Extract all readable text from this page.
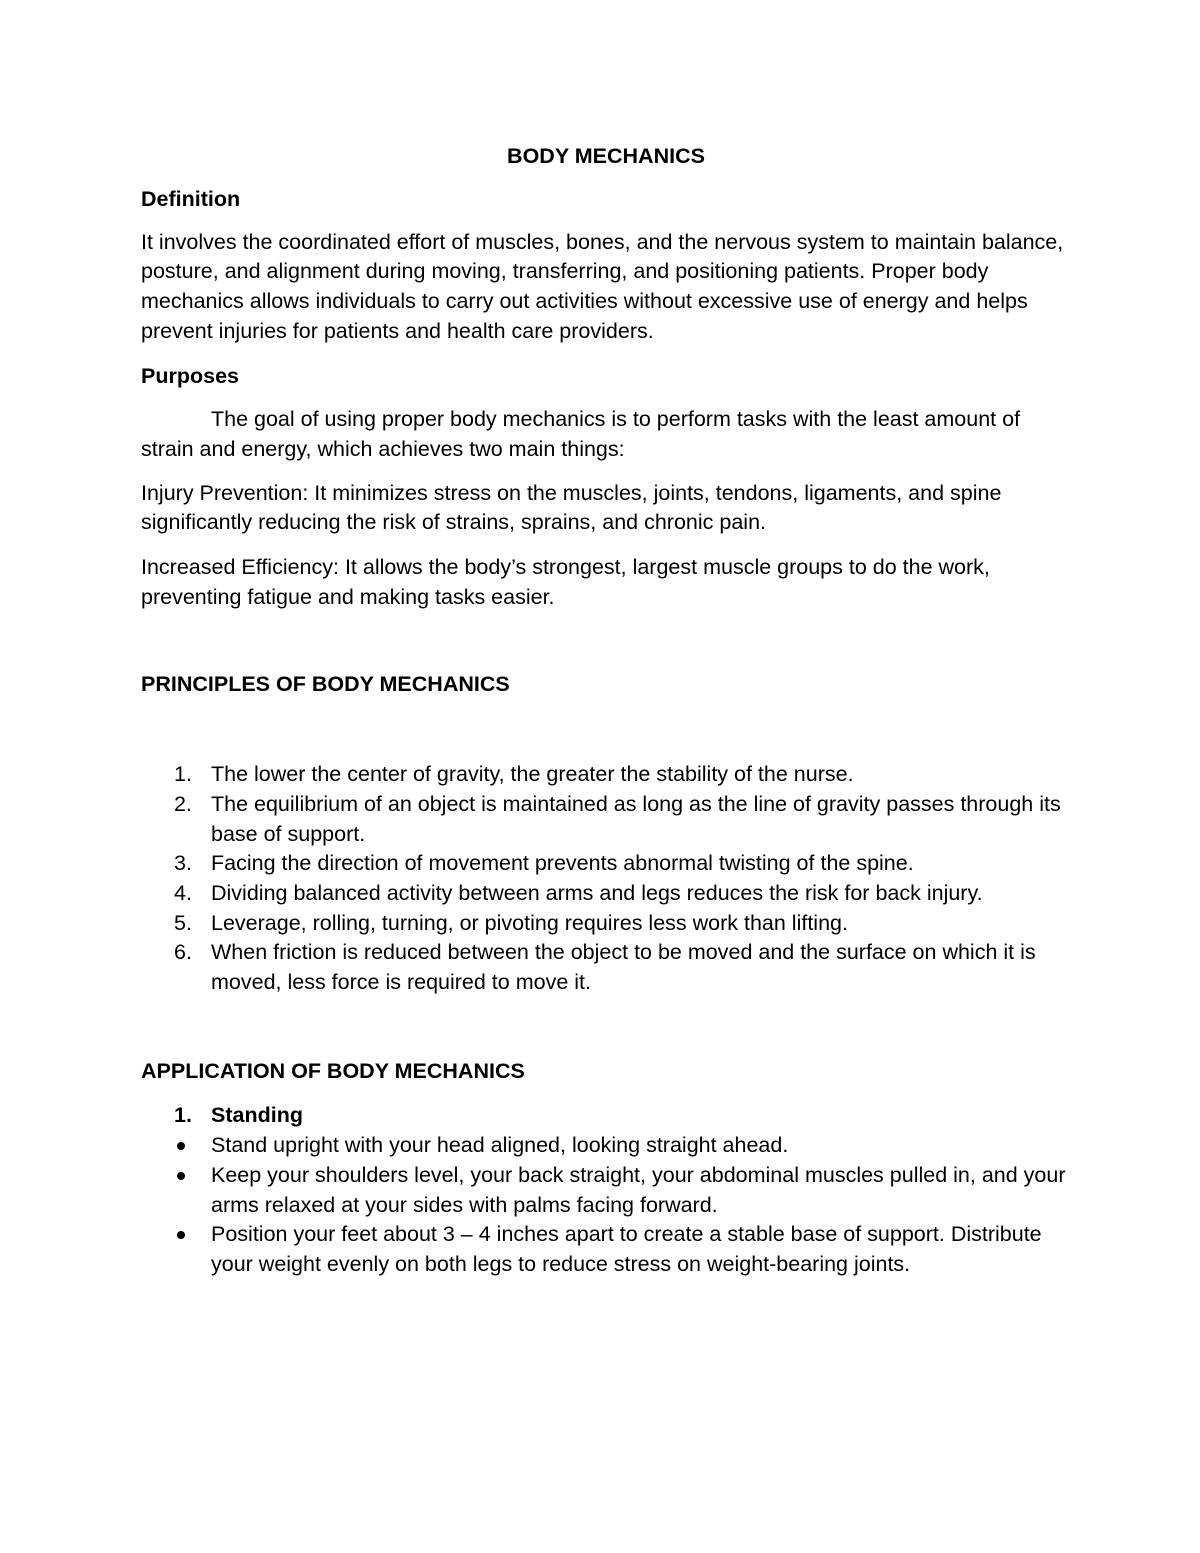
BODY MECHANICS

Definition

It involves the coordinated effort of muscles, bones, and the nervous system to maintain balance, posture, and alignment during moving, transferring, and positioning patients. Proper body mechanics allows individuals to carry out activities without excessive use of energy and helps prevent injuries for patients and health care providers.

Purposes

The goal of using proper body mechanics is to perform tasks with the least amount of strain and energy, which achieves two main things:

Injury Prevention: It minimizes stress on the muscles, joints, tendons, ligaments, and spine significantly reducing the risk of strains, sprains, and chronic pain.

Increased Efficiency: It allows the body’s strongest, largest muscle groups to do the work, preventing fatigue and making tasks easier.

PRINCIPLES OF BODY MECHANICS

1. The lower the center of gravity, the greater the stability of the nurse.
2. The equilibrium of an object is maintained as long as the line of gravity passes through its base of support.
3. Facing the direction of movement prevents abnormal twisting of the spine.
4. Dividing balanced activity between arms and legs reduces the risk for back injury.
5. Leverage, rolling, turning, or pivoting requires less work than lifting.
6. When friction is reduced between the object to be moved and the surface on which it is moved, less force is required to move it.

APPLICATION OF BODY MECHANICS

1. Standing

Stand upright with your head aligned, looking straight ahead.
Keep your shoulders level, your back straight, your abdominal muscles pulled in, and your arms relaxed at your sides with palms facing forward.
Position your feet about 3 – 4 inches apart to create a stable base of support. Distribute your weight evenly on both legs to reduce stress on weight-bearing joints.
